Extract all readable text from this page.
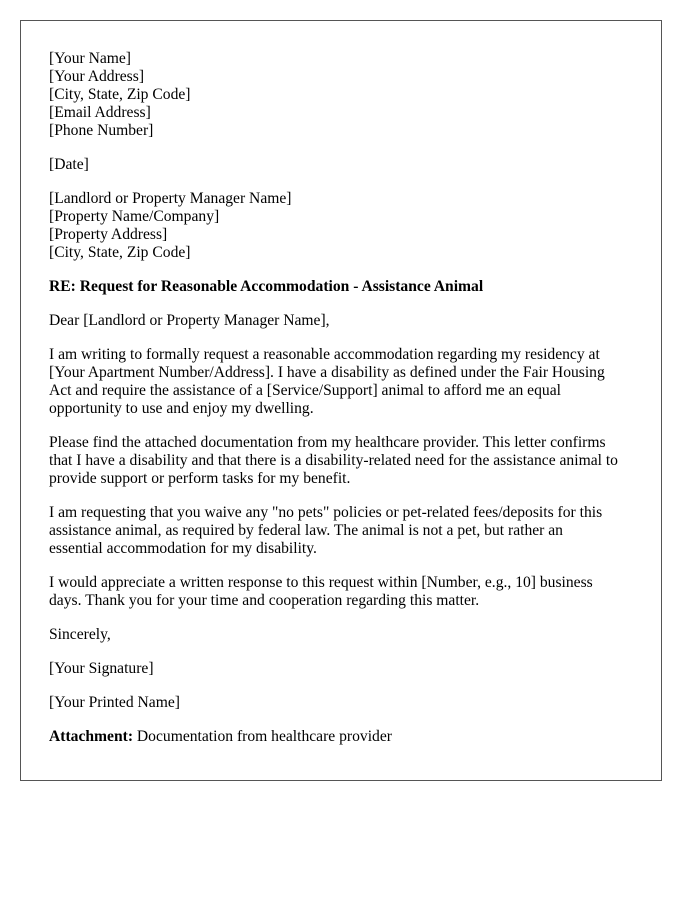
[Your Name]
[Your Address]
[City, State, Zip Code]
[Email Address]
[Phone Number]
[Date]
[Landlord or Property Manager Name]
[Property Name/Company]
[Property Address]
[City, State, Zip Code]
RE: Request for Reasonable Accommodation - Assistance Animal
Dear [Landlord or Property Manager Name],
I am writing to formally request a reasonable accommodation regarding my residency at
[Your Apartment Number/Address]. I have a disability as defined under the Fair Housing
Act and require the assistance of a [Service/Support] animal to afford me an equal
opportunity to use and enjoy my dwelling.
Please find the attached documentation from my healthcare provider. This letter confirms
that I have a disability and that there is a disability-related need for the assistance animal to
provide support or perform tasks for my benefit.
I am requesting that you waive any "no pets" policies or pet-related fees/deposits for this
assistance animal, as required by federal law. The animal is not a pet, but rather an
essential accommodation for my disability.
I would appreciate a written response to this request within [Number, e.g., 10] business
days. Thank you for your time and cooperation regarding this matter.
Sincerely,
[Your Signature]
[Your Printed Name]
Attachment: Documentation from healthcare provider
